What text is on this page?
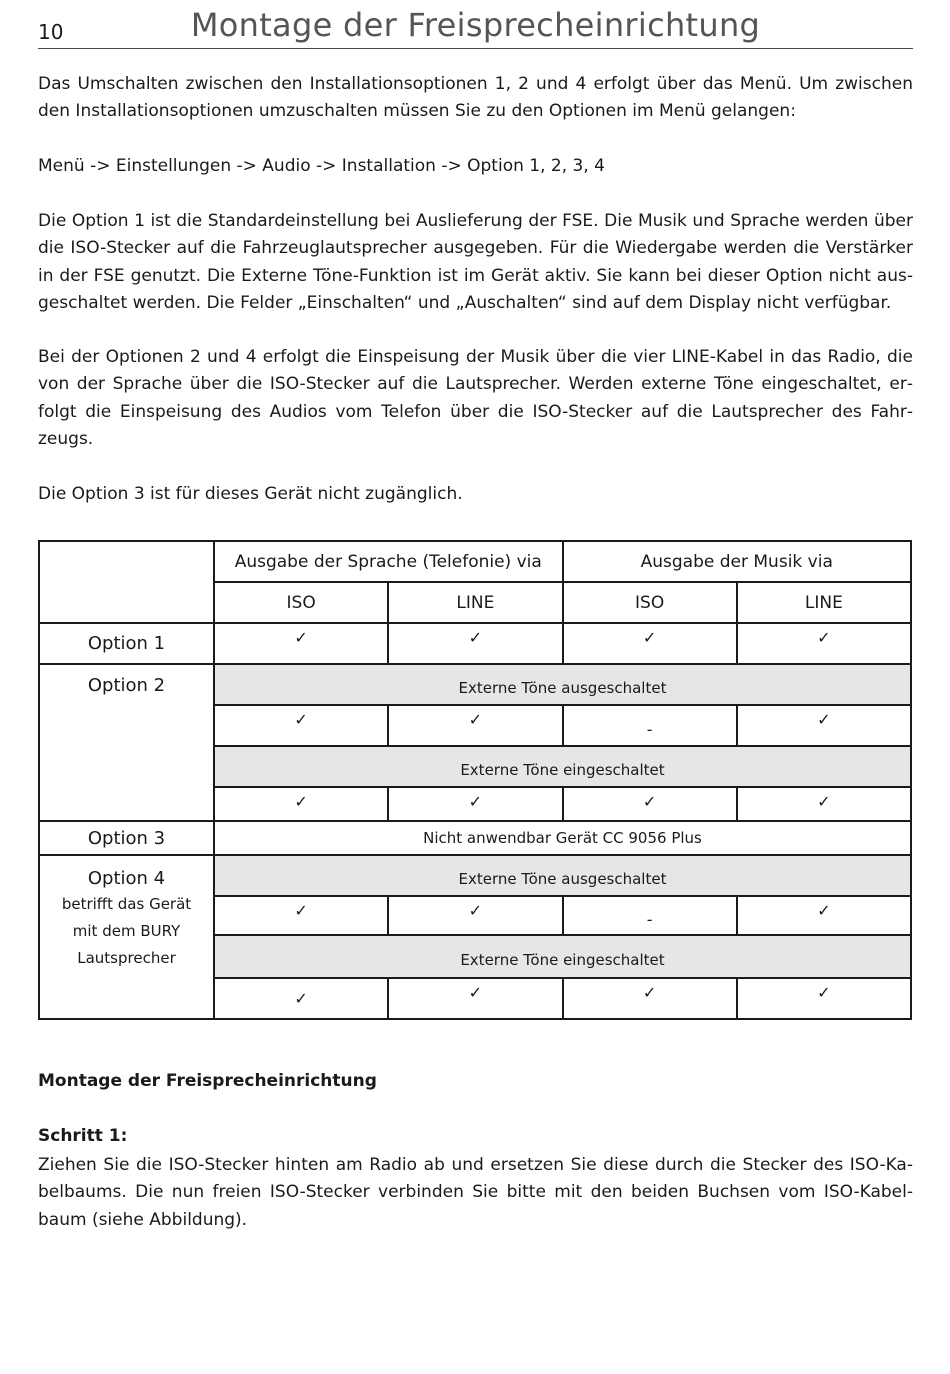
10	Montage der Freisprecheinrichtung

Das Umschalten zwischen den Installationsoptionen 1, 2 und 4 erfolgt über das Menü. Um zwischen den Installationsoptionen umzuschalten müssen Sie zu den Optionen im Menü gelangen:

Menü -> Einstellungen -> Audio -> Installation -> Option 1, 2, 3, 4

Die Option 1 ist die Standardeinstellung bei Auslieferung der FSE. Die Musik und Sprache werden über die ISO-Stecker auf die Fahrzeuglautsprecher ausgegeben. Für die Wiedergabe werden die Verstärker in der FSE genutzt. Die Externe Töne-Funktion ist im Gerät aktiv. Sie kann bei dieser Option nicht ausgeschaltet werden. Die Felder „Einschalten“ und „Auschalten“ sind auf dem Display nicht verfügbar.

Bei der Optionen 2 und 4 erfolgt die Einspeisung der Musik über die vier LINE-Kabel in das Radio, die von der Sprache über die ISO-Stecker auf die Lautsprecher. Werden externe Töne eingeschaltet, erfolgt die Einspeisung des Audios vom Telefon über die ISO-Stecker auf die Lautsprecher des Fahrzeugs.

Die Option 3 ist für dieses Gerät nicht zugänglich.

	Ausgabe der Sprache (Telefonie) via		Ausgabe der Musik via	
	ISO	LINE	ISO	LINE
Option 1	✓	✓	✓	✓
Option 2	Externe Töne ausgeschaltet			
	✓	✓	-	✓
	Externe Töne eingeschaltet			
	✓	✓	✓	✓
Option 3	Nicht anwendbar Gerät CC 9056 Plus			

Option 4
betrifft das Gerät
mit dem BURY
Lautsprecher	Externe Töne ausgeschaltet			
	✓	✓	-	✓
	Externe Töne eingeschaltet			
	✓	✓	✓	✓
Montage der Freisprecheinrichtung
Schritt 1:

Ziehen Sie die ISO-Stecker hinten am Radio ab und ersetzen Sie diese durch die Stecker des ISO-Kabelbaums. Die nun freien ISO-Stecker verbinden Sie bitte mit den beiden Buchsen vom ISO-Kabelbaum (siehe Abbildung).
